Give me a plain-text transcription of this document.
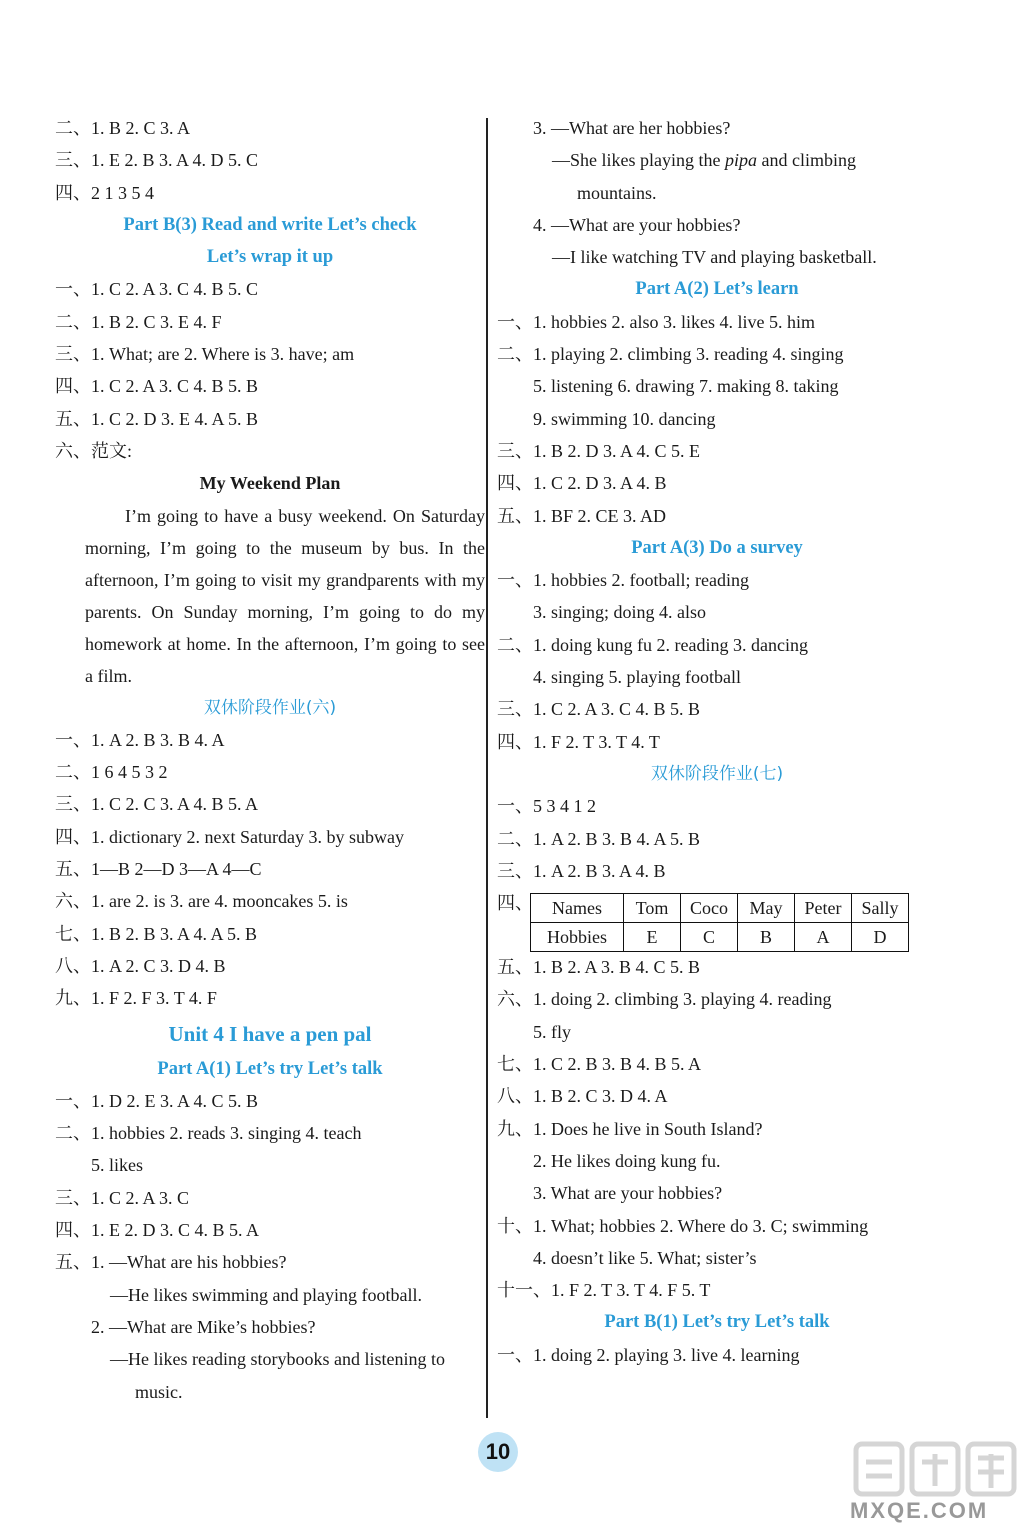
二、1. B 2. C 3. A
三、1. E 2. B 3. A 4. D 5. C
四、2 1 3 5 4
Part B(3) Read and write Let’s check
Let’s wrap it up
一、1. C 2. A 3. C 4. B 5. C
二、1. B 2. C 3. E 4. F
三、1. What; are 2. Where is 3. have; am
四、1. C 2. A 3. C 4. B 5. B
五、1. C 2. D 3. E 4. A 5. B
六、范文:
My Weekend Plan
I’m going to have a busy weekend. On Saturday morning, I’m going to the museum by bus. In the afternoon, I’m going to visit my grandparents with my parents. On Sunday morning, I’m going to do my homework at home. In the afternoon, I’m going to see a film.
双休阶段作业(六)
一、1. A 2. B 3. B 4. A
二、1 6 4 5 3 2
三、1. C 2. C 3. A 4. B 5. A
四、1. dictionary 2. next Saturday 3. by subway
五、1—B 2—D 3—A 4—C
六、1. are 2. is 3. are 4. mooncakes 5. is
七、1. B 2. B 3. A 4. A 5. B
八、1. A 2. C 3. D 4. B
九、1. F 2. F 3. T 4. F
Unit 4 I have a pen pal
Part A(1) Let’s try Let’s talk
一、1. D 2. E 3. A 4. C 5. B
二、1. hobbies 2. reads 3. singing 4. teach
5. likes
三、1. C 2. A 3. C
四、1. E 2. D 3. C 4. B 5. A
五、1. —What are his hobbies?
—He likes swimming and playing football.
2. —What are Mike’s hobbies?
—He likes reading storybooks and listening to
music.
3. —What are her hobbies?
—She likes playing the pipa and climbing
mountains.
4. —What are your hobbies?
—I like watching TV and playing basketball.
Part A(2) Let’s learn
一、1. hobbies 2. also 3. likes 4. live 5. him
二、1. playing 2. climbing 3. reading 4. singing
5. listening 6. drawing 7. making 8. taking
9. swimming 10. dancing
三、1. B 2. D 3. A 4. C 5. E
四、1. C 2. D 3. A 4. B
五、1. BF 2. CE 3. AD
Part A(3) Do a survey
一、1. hobbies 2. football; reading
3. singing; doing 4. also
二、1. doing kung fu 2. reading 3. dancing
4. singing 5. playing football
三、1. C 2. A 3. C 4. B 5. B
四、1. F 2. T 3. T 4. T
双休阶段作业(七)
一、5 3 4 1 2
二、1. A 2. B 3. B 4. A 5. B
三、1. A 2. B 3. A 4. B
四、 Names	Tom	Coco	May	Peter	Sally
Hobbies	E	C	B	A	D
五、1. B 2. A 3. B 4. C 5. B
六、1. doing 2. climbing 3. playing 4. reading
5. fly
七、1. C 2. B 3. B 4. B 5. A
八、1. B 2. C 3. D 4. A
九、1. Does he live in South Island?
2. He likes doing kung fu.
3. What are your hobbies?
十、1. What; hobbies 2. Where do 3. C; swimming
4. doesn’t like 5. What; sister’s
十一、1. F 2. T 3. T 4. F 5. T
Part B(1) Let’s try Let’s talk
一、1. doing 2. playing 3. live 4. learning
10
MXQE.COM
